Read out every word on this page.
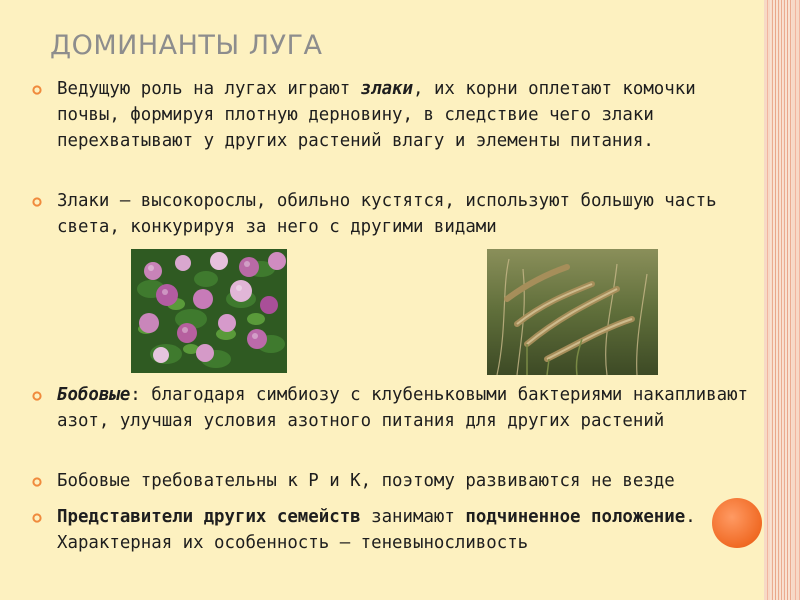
ДОМИНАНТЫ ЛУГА
Ведущую роль на лугах играют злаки, их корни оплетают комочки почвы, формируя плотную дерновину, в следствие чего злаки перехватывают у других растений влагу и элементы питания.
Злаки – высокорослы, обильно кустятся, используют большую часть света, конкурируя за него с другими видами
Бобовые: благодаря симбиозу с клубеньковыми бактериями накапливают азот, улучшая условия азотного питания для других растений
Бобовые требовательны к Р и К, поэтому развиваются не везде
Представители других семейств занимают подчиненное положение. Характерная их особенность – теневыносливость
